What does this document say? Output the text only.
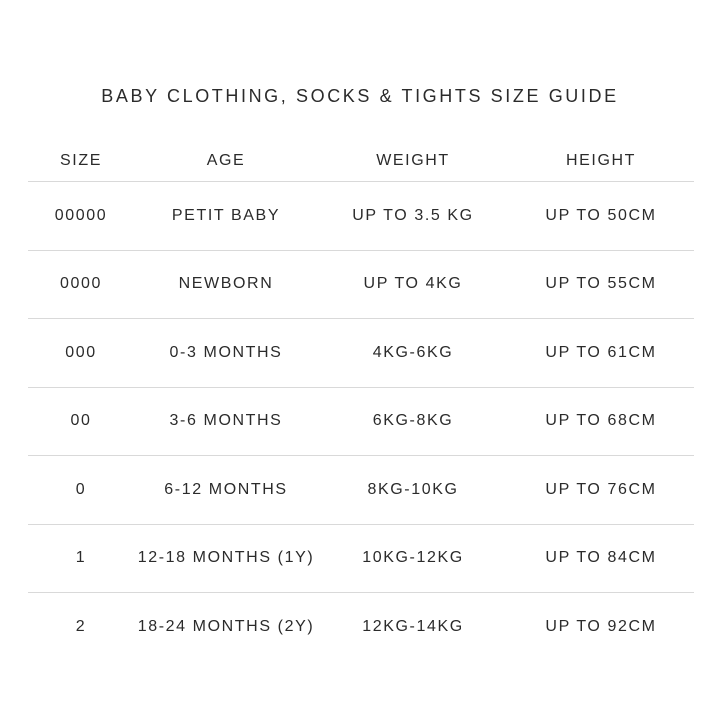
BABY CLOTHING, SOCKS & TIGHTS SIZE GUIDE
SIZE	AGE	WEIGHT	HEIGHT
00000	PETIT BABY	UP TO 3.5 KG	UP TO 50CM
0000	NEWBORN	UP TO 4KG	UP TO 55CM
000	0-3 MONTHS	4KG-6KG	UP TO 61CM
00	3-6 MONTHS	6KG-8KG	UP TO 68CM
0	6-12 MONTHS	8KG-10KG	UP TO 76CM
1	12-18 MONTHS (1Y)	10KG-12KG	UP TO 84CM
2	18-24 MONTHS (2Y)	12KG-14KG	UP TO 92CM
